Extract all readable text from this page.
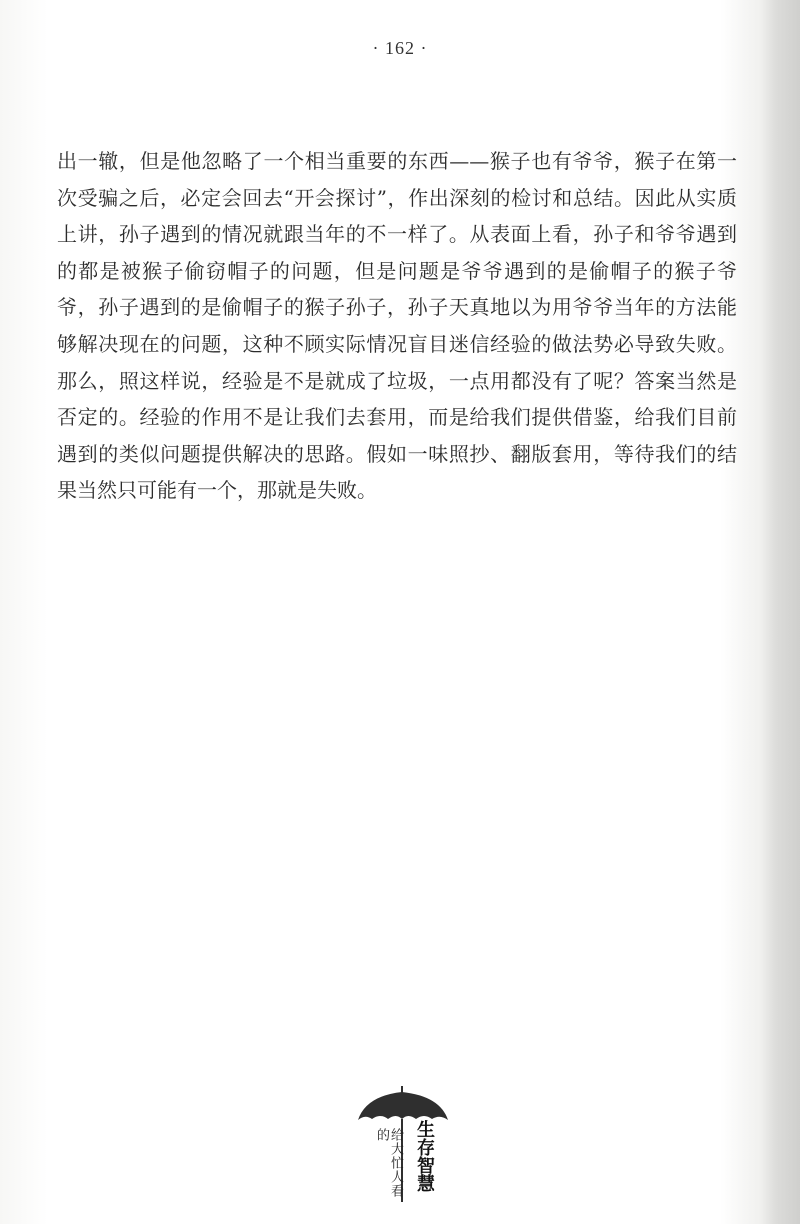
· 162 ·
出一辙，但是他忽略了一个相当重要的东西——猴子也有爷爷，猴子在第一
次受骗之后，必定会回去“开会探讨”，作出深刻的检讨和总结。因此从实质
上讲，孙子遇到的情况就跟当年的不一样了。从表面上看，孙子和爷爷遇到
的都是被猴子偷窃帽子的问题，但是问题是爷爷遇到的是偷帽子的猴子爷
爷，孙子遇到的是偷帽子的猴子孙子，孙子天真地以为用爷爷当年的方法能
够解决现在的问题，这种不顾实际情况盲目迷信经验的做法势必导致失败。
那么，照这样说，经验是不是就成了垃圾，一点用都没有了呢？答案当然是
否定的。经验的作用不是让我们去套用，而是给我们提供借鉴，给我们目前
遇到的类似问题提供解决的思路。假如一味照抄、翻版套用，等待我们的结
果当然只可能有一个，那就是失败。
给大忙人看的	生存智慧
